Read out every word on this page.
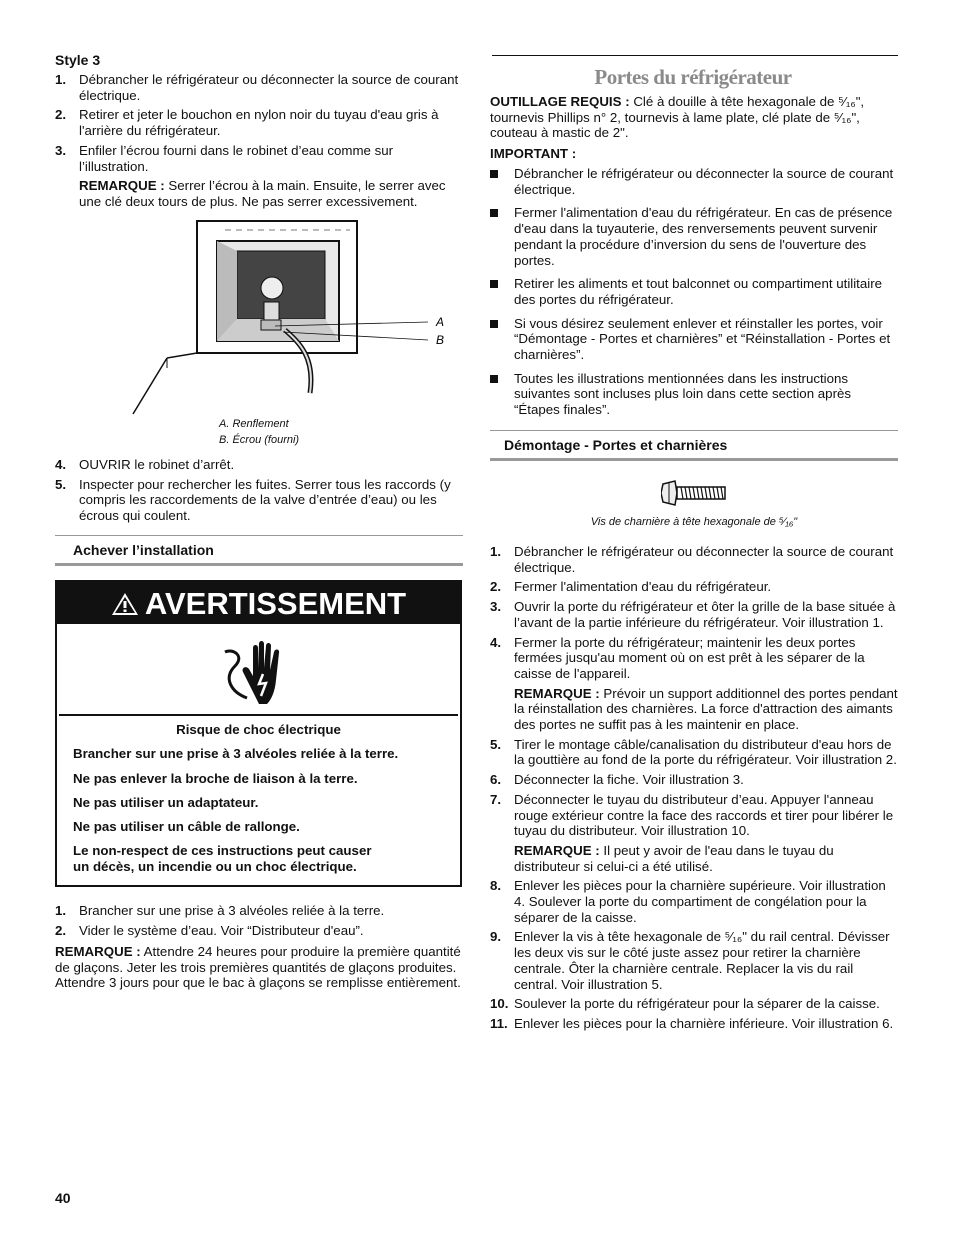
Style 3
1. Débrancher le réfrigérateur ou déconnecter la source de courant électrique.
2. Retirer et jeter le bouchon en nylon noir du tuyau d'eau gris à l'arrière du réfrigérateur.
3. Enfiler l’écrou fourni dans le robinet d’eau comme sur l’illustration.
REMARQUE : Serrer l’écrou à la main. Ensuite, le serrer avec une clé deux tours de plus. Ne pas serrer excessivement.
A
B
A. Renflement
B. Écrou (fourni)
4. OUVRIR le robinet d’arrêt.
5. Inspecter pour rechercher les fuites. Serrer tous les raccords (y compris les raccordements de la valve d’entrée d’eau) ou les écrous qui coulent.
Achever l’installation
AVERTISSEMENT
Risque de choc électrique
Brancher sur une prise à 3 alvéoles reliée à la terre.
Ne pas enlever la broche de liaison à la terre.
Ne pas utiliser un adaptateur.
Ne pas utiliser un câble de rallonge.
Le non-respect de ces instructions peut causer
un décès, un incendie ou un choc électrique.
1. Brancher sur une prise à 3 alvéoles reliée à la terre.
2. Vider le système d’eau. Voir “Distributeur d'eau”.
REMARQUE : Attendre 24 heures pour produire la première quantité de glaçons. Jeter les trois premières quantités de glaçons produites. Attendre 3 jours pour que le bac à glaçons se remplisse entièrement.
Portes du réfrigérateur
OUTILLAGE REQUIS : Clé à douille à tête hexagonale de ⁵⁄₁₆", tournevis Phillips n° 2, tournevis à lame plate, clé plate de ⁵⁄₁₆", couteau à mastic de 2".
IMPORTANT :
Débrancher le réfrigérateur ou déconnecter la source de courant électrique.
Fermer l'alimentation d'eau du réfrigérateur. En cas de présence d'eau dans la tuyauterie, des renversements peuvent survenir pendant la procédure d’inversion du sens de l'ouverture des portes.
Retirer les aliments et tout balconnet ou compartiment utilitaire des portes du réfrigérateur.
Si vous désirez seulement enlever et réinstaller les portes, voir “Démontage - Portes et charnières” et “Réinstallation - Portes et charnières”.
Toutes les illustrations mentionnées dans les instructions suivantes sont incluses plus loin dans cette section après “Étapes finales”.
Démontage - Portes et charnières
Vis de charnière à tête hexagonale de ⁵⁄₁₆"
1. Débrancher le réfrigérateur ou déconnecter la source de courant électrique.
2. Fermer l'alimentation d'eau du réfrigérateur.
3. Ouvrir la porte du réfrigérateur et ôter la grille de la base située à l’avant de la partie inférieure du réfrigérateur. Voir illustration 1.
4. Fermer la porte du réfrigérateur; maintenir les deux portes fermées jusqu'au moment où on est prêt à les séparer de la caisse de l'appareil.
REMARQUE : Prévoir un support additionnel des portes pendant la réinstallation des charnières. La force d'attraction des aimants des portes ne suffit pas à les maintenir en place.
5. Tirer le montage câble/canalisation du distributeur d'eau hors de la gouttière au fond de la porte du réfrigérateur. Voir illustration 2.
6. Déconnecter la fiche. Voir illustration 3.
7. Déconnecter le tuyau du distributeur d’eau. Appuyer l'anneau rouge extérieur contre la face des raccords et tirer pour libérer le tuyau du distributeur. Voir illustration 10.
REMARQUE : Il peut y avoir de l'eau dans le tuyau du distributeur si celui-ci a été utilisé.
8. Enlever les pièces pour la charnière supérieure. Voir illustration 4. Soulever la porte du compartiment de congélation pour la séparer de la caisse.
9. Enlever la vis à tête hexagonale de ⁵⁄₁₆" du rail central. Dévisser les deux vis sur le côté juste assez pour retirer la charnière centrale. Ôter la charnière centrale. Replacer la vis du rail central. Voir illustration 5.
10. Soulever la porte du réfrigérateur pour la séparer de la caisse.
11. Enlever les pièces pour la charnière inférieure. Voir illustration 6.
40
